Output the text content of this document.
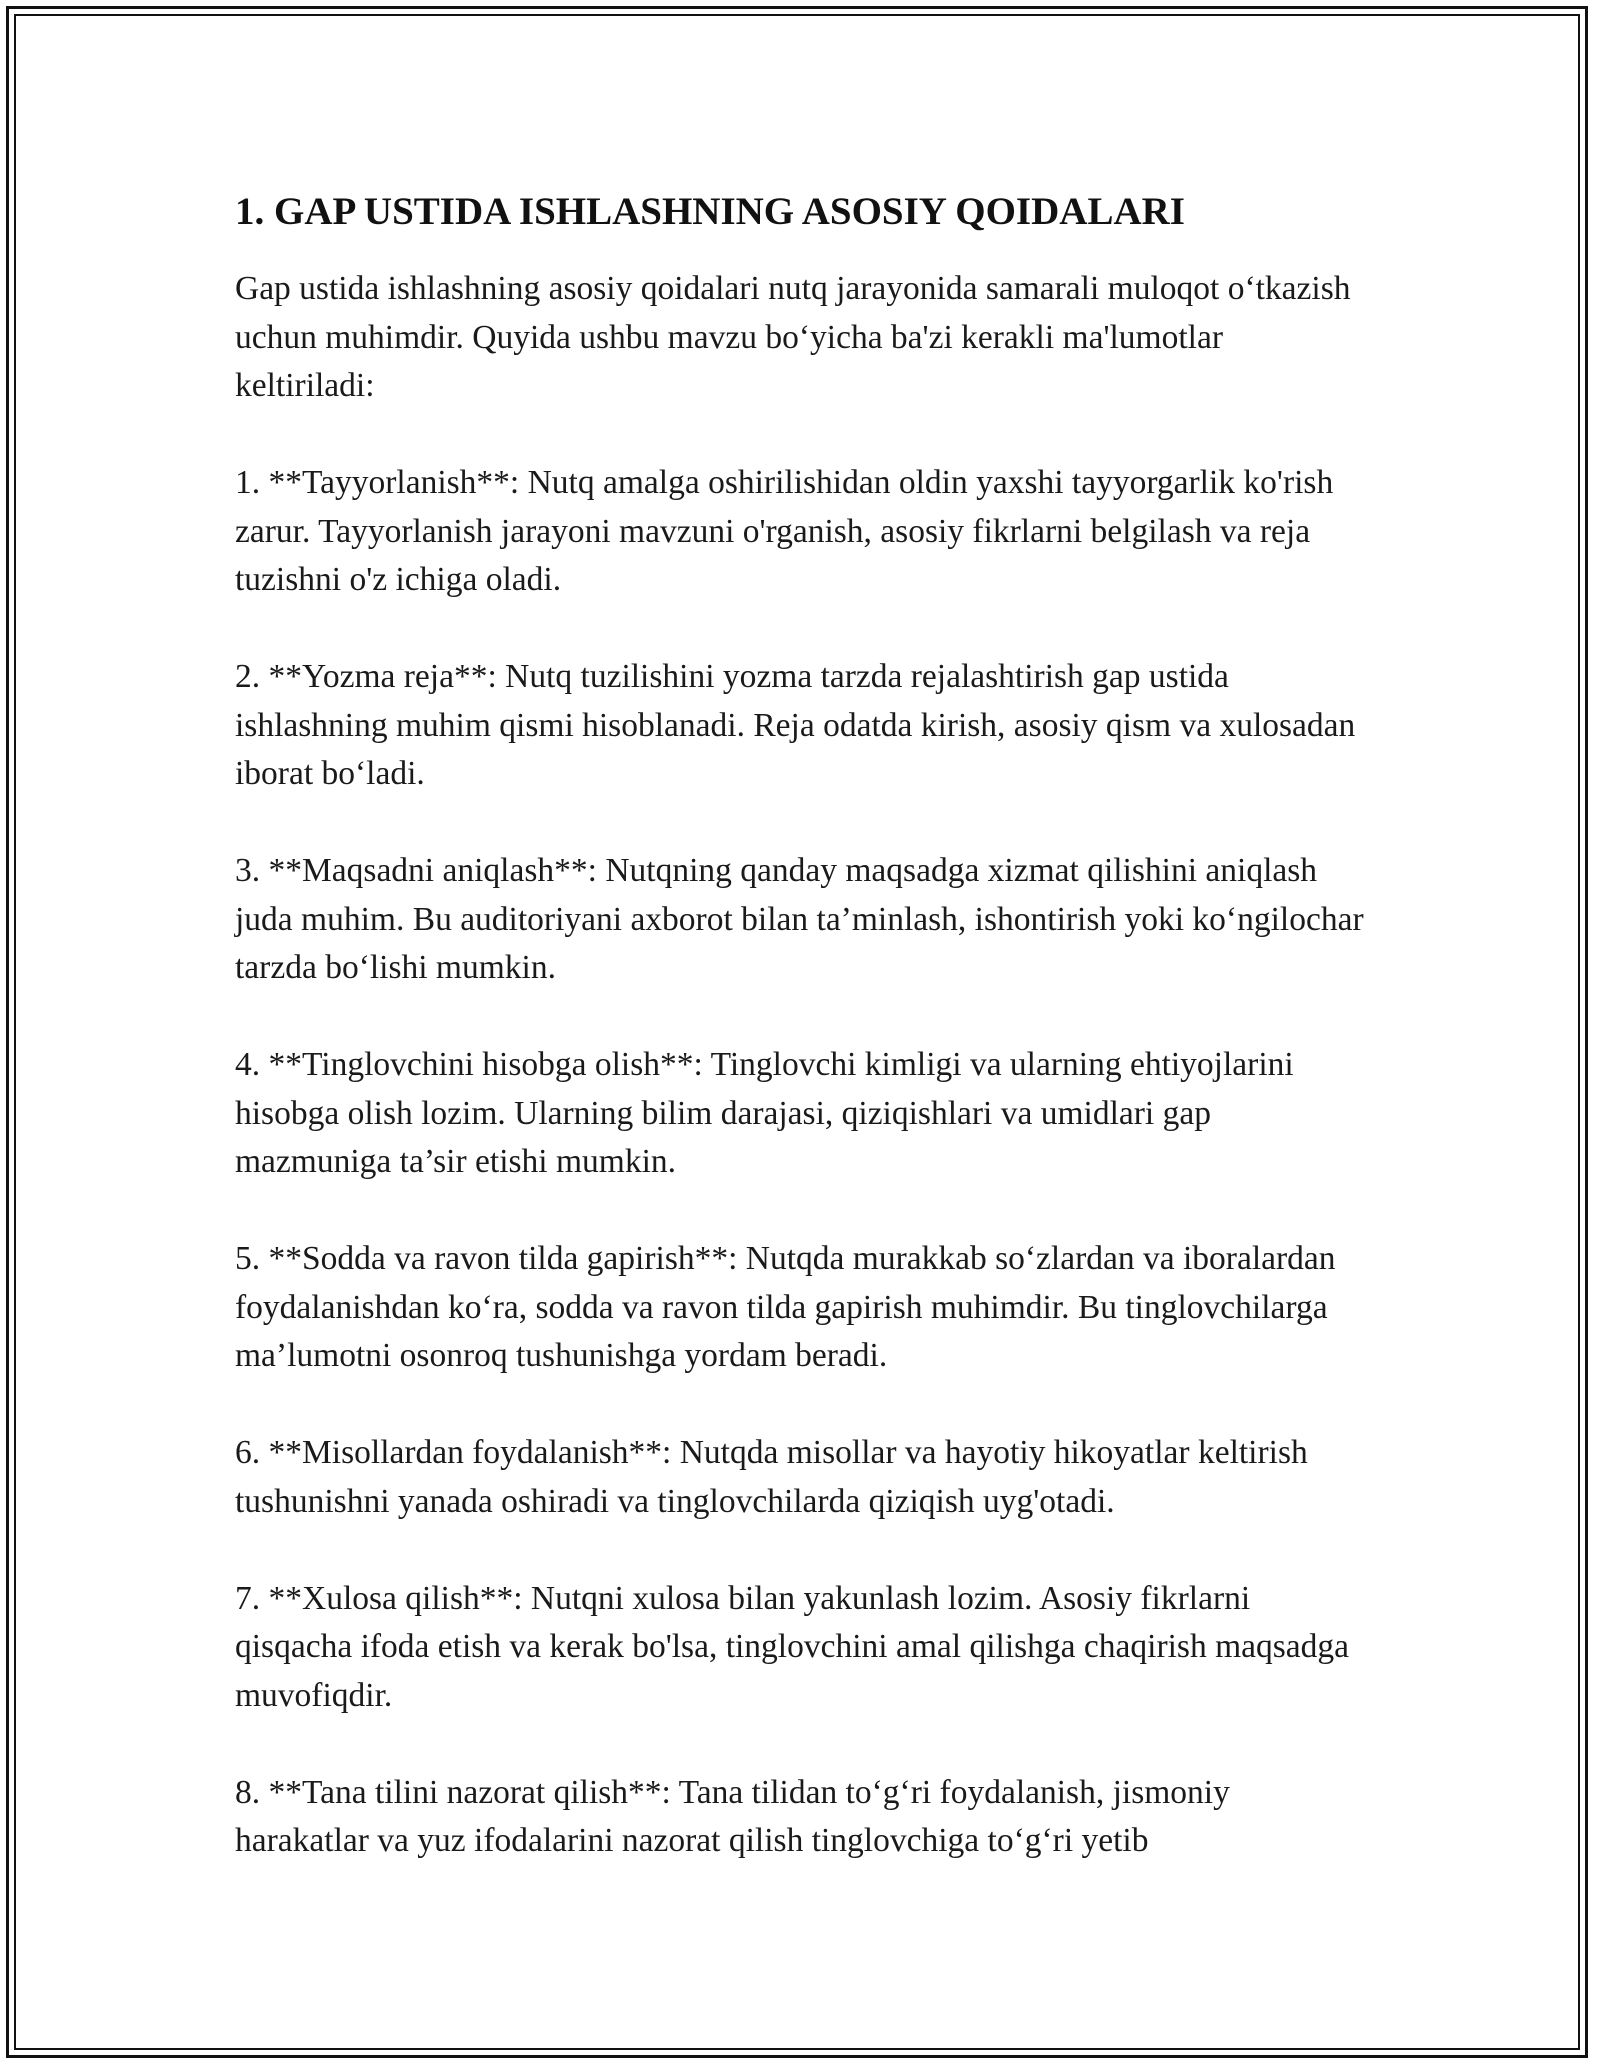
1. GAP USTIDA ISHLASHNING ASOSIY QOIDALARI

Gap ustida ishlashning asosiy qoidalari nutq jarayonida samarali muloqot o‘tkazish uchun muhimdir. Quyida ushbu mavzu bo‘yicha ba'zi kerakli ma'lumotlar keltiriladi:

1. **Tayyorlanish**: Nutq amalga oshirilishidan oldin yaxshi tayyorgarlik ko'rish zarur. Tayyorlanish jarayoni mavzuni o'rganish, asosiy fikrlarni belgilash va reja tuzishni o'z ichiga oladi.

2. **Yozma reja**: Nutq tuzilishini yozma tarzda rejalashtirish gap ustida ishlashning muhim qismi hisoblanadi. Reja odatda kirish, asosiy qism va xulosadan iborat bo‘ladi.

3. **Maqsadni aniqlash**: Nutqning qanday maqsadga xizmat qilishini aniqlash juda muhim. Bu auditoriyani axborot bilan ta’minlash, ishontirish yoki ko‘ngilochar tarzda bo‘lishi mumkin.

4. **Tinglovchini hisobga olish**: Tinglovchi kimligi va ularning ehtiyojlarini hisobga olish lozim. Ularning bilim darajasi, qiziqishlari va umidlari gap mazmuniga ta’sir etishi mumkin.

5. **Sodda va ravon tilda gapirish**: Nutqda murakkab so‘zlardan va iboralardan foydalanishdan ko‘ra, sodda va ravon tilda gapirish muhimdir. Bu tinglovchilarga ma’lumotni osonroq tushunishga yordam beradi.

6. **Misollardan foydalanish**: Nutqda misollar va hayotiy hikoyatlar keltirish tushunishni yanada oshiradi va tinglovchilarda qiziqish uyg'otadi.

7. **Xulosa qilish**: Nutqni xulosa bilan yakunlash lozim. Asosiy fikrlarni qisqacha ifoda etish va kerak bo'lsa, tinglovchini amal qilishga chaqirish maqsadga muvofiqdir.

8. **Tana tilini nazorat qilish**: Tana tilidan to‘g‘ri foydalanish, jismoniy harakatlar va yuz ifodalarini nazorat qilish tinglovchiga to‘g‘ri yetib
